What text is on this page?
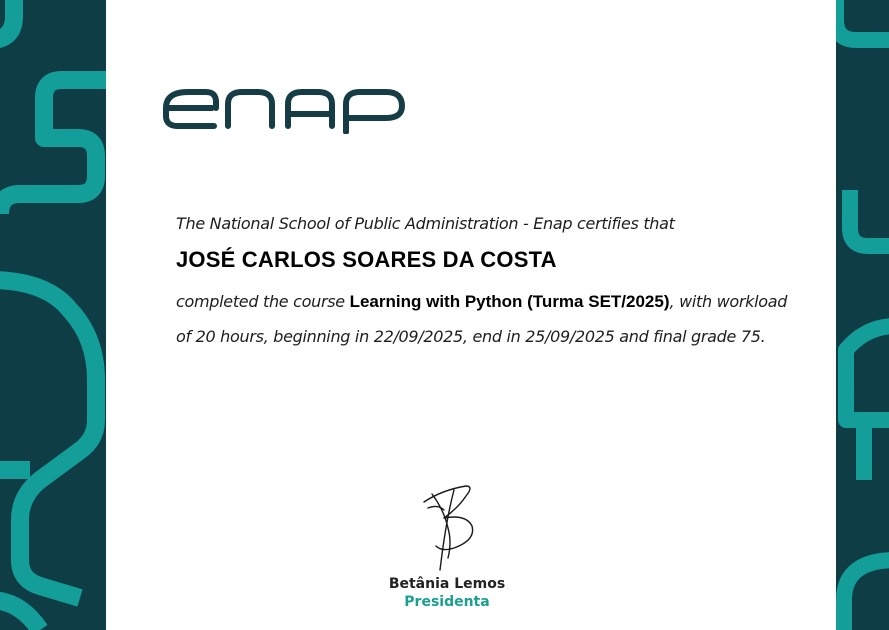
The National School of Public Administration - Enap certifies that
JOSÉ CARLOS SOARES DA COSTA
completed the course Learning with Python (Turma SET/2025), with workload
of 20 hours, beginning in 22/09/2025, end in 25/09/2025 and final grade 75.
Betânia Lemos
Presidenta
